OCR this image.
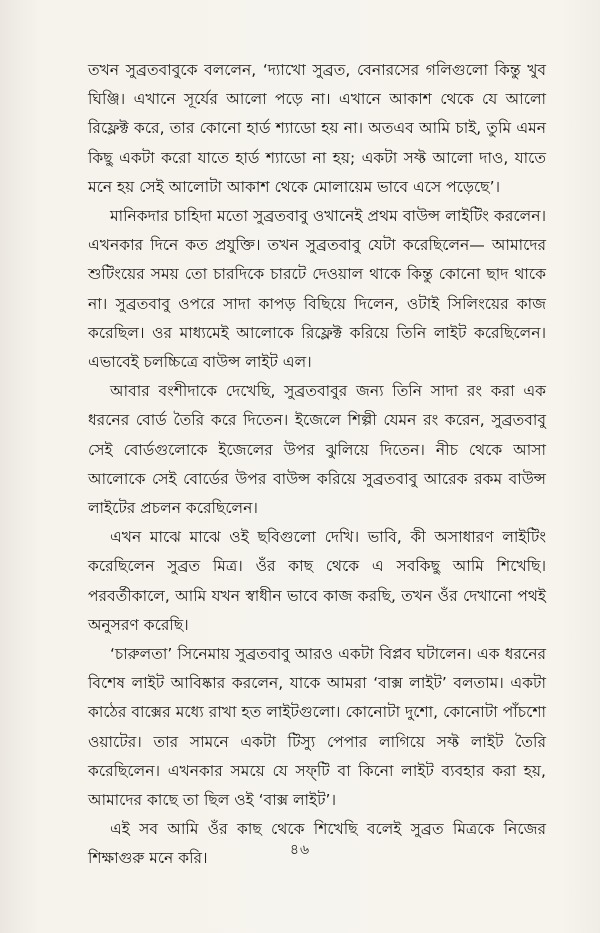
তখন সুব্রতবাবুকে বললেন, ‘দ্যাখো সুব্রত, বেনারসের গলিগুলো কিন্তু খুব ঘিঞ্জি। এখানে সূর্যের আলো পড়ে না। এখানে আকাশ থেকে যে আলো রিফ্লেক্ট করে, তার কোনো হার্ড শ্যাডো হয় না। অতএব আমি চাই, তুমি এমন কিছু একটা করো যাতে হার্ড শ্যাডো না হয়; একটা সফ্ট আলো দাও, যাতে মনে হয় সেই আলোটা আকাশ থেকে মোলায়েম ভাবে এসে পড়েছে’।

মানিকদার চাহিদা মতো সুব্রতবাবু ওখানেই প্রথম বাউন্স লাইটিং করলেন। এখনকার দিনে কত প্রযুক্তি। তখন সুব্রতবাবু যেটা করেছিলেন— আমাদের শুটিংয়ের সময় তো চারদিকে চারটে দেওয়াল থাকে কিন্তু কোনো ছাদ থাকে না। সুব্রতবাবু ওপরে সাদা কাপড় বিছিয়ে দিলেন, ওটাই সিলিংয়ের কাজ করেছিল। ওর মাধ্যমেই আলোকে রিফ্লেক্ট করিয়ে তিনি লাইট করেছিলেন। এভাবেই চলচ্চিত্রে বাউন্স লাইট এল।

আবার বংশীদাকে দেখেছি, সুব্রতবাবুর জন্য তিনি সাদা রং করা এক ধরনের বোর্ড তৈরি করে দিতেন। ইজেলে শিল্পী যেমন রং করেন, সুব্রতবাবু সেই বোর্ডগুলোকে ইজেলের উপর ঝুলিয়ে দিতেন। নীচ থেকে আসা আলোকে সেই বোর্ডের উপর বাউন্স করিয়ে সুব্রতবাবু আরেক রকম বাউন্স লাইটের প্রচলন করেছিলেন।

এখন মাঝে মাঝে ওই ছবিগুলো দেখি। ভাবি, কী অসাধারণ লাইটিং করেছিলেন সুব্রত মিত্র। ওঁর কাছ থেকে এ সবকিছু আমি শিখেছি। পরবর্তীকালে, আমি যখন স্বাধীন ভাবে কাজ করছি, তখন ওঁর দেখানো পথই অনুসরণ করেছি।

‘চারুলতা’ সিনেমায় সুব্রতবাবু আরও একটা বিপ্লব ঘটালেন। এক ধরনের বিশেষ লাইট আবিষ্কার করলেন, যাকে আমরা ‘বাক্স লাইট’ বলতাম। একটা কাঠের বাক্সের মধ্যে রাখা হত লাইটগুলো। কোনোটা দুশো, কোনোটা পাঁচশো ওয়াটের। তার সামনে একটা টিস্যু পেপার লাগিয়ে সফ্ট লাইট তৈরি করেছিলেন। এখনকার সময়ে যে সফ্‌টি বা কিনো লাইট ব্যবহার করা হয়, আমাদের কাছে তা ছিল ওই ‘বাক্স লাইট’।

এই সব আমি ওঁর কাছ থেকে শিখেছি বলেই সুব্রত মিত্রকে নিজের শিক্ষাগুরু মনে করি।	৪৬
